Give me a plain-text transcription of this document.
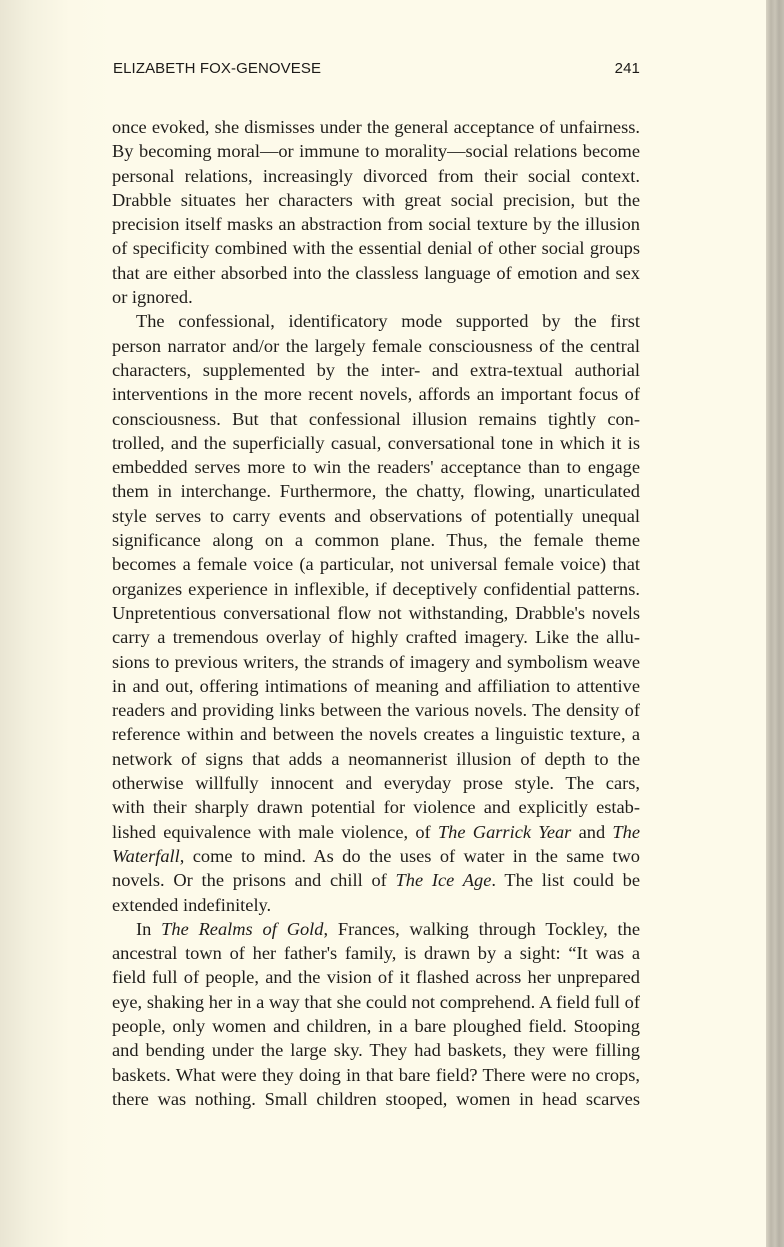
ELIZABETH FOX-GENOVESE	241
once evoked, she dismisses under the general acceptance of unfairness.
By becoming moral—or immune to morality—social relations become
personal relations, increasingly divorced from their social context.
Drabble situates her characters with great social precision, but the
precision itself masks an abstraction from social texture by the illusion
of specificity combined with the essential denial of other social groups
that are either absorbed into the classless language of emotion and sex
or ignored.
The confessional, identificatory mode supported by the first
person narrator and/or the largely female consciousness of the central
characters, supplemented by the inter- and extra-textual authorial
interventions in the more recent novels, affords an important focus of
consciousness. But that confessional illusion remains tightly con-
trolled, and the superficially casual, conversational tone in which it is
embedded serves more to win the readers' acceptance than to engage
them in interchange. Furthermore, the chatty, flowing, unarticulated
style serves to carry events and observations of potentially unequal
significance along on a common plane. Thus, the female theme
becomes a female voice (a particular, not universal female voice) that
organizes experience in inflexible, if deceptively confidential patterns.
Unpretentious conversational flow not withstanding, Drabble's novels
carry a tremendous overlay of highly crafted imagery. Like the allu-
sions to previous writers, the strands of imagery and symbolism weave
in and out, offering intimations of meaning and affiliation to attentive
readers and providing links between the various novels. The density of
reference within and between the novels creates a linguistic texture, a
network of signs that adds a neomannerist illusion of depth to the
otherwise willfully innocent and everyday prose style. The cars,
with their sharply drawn potential for violence and explicitly estab-
lished equivalence with male violence, of The Garrick Year and The
Waterfall, come to mind. As do the uses of water in the same two
novels. Or the prisons and chill of The Ice Age. The list could be
extended indefinitely.
In The Realms of Gold, Frances, walking through Tockley, the
ancestral town of her father's family, is drawn by a sight: “It was a
field full of people, and the vision of it flashed across her unprepared
eye, shaking her in a way that she could not comprehend. A field full of
people, only women and children, in a bare ploughed field. Stooping
and bending under the large sky. They had baskets, they were filling
baskets. What were they doing in that bare field? There were no crops,
there was nothing. Small children stooped, women in head scarves
